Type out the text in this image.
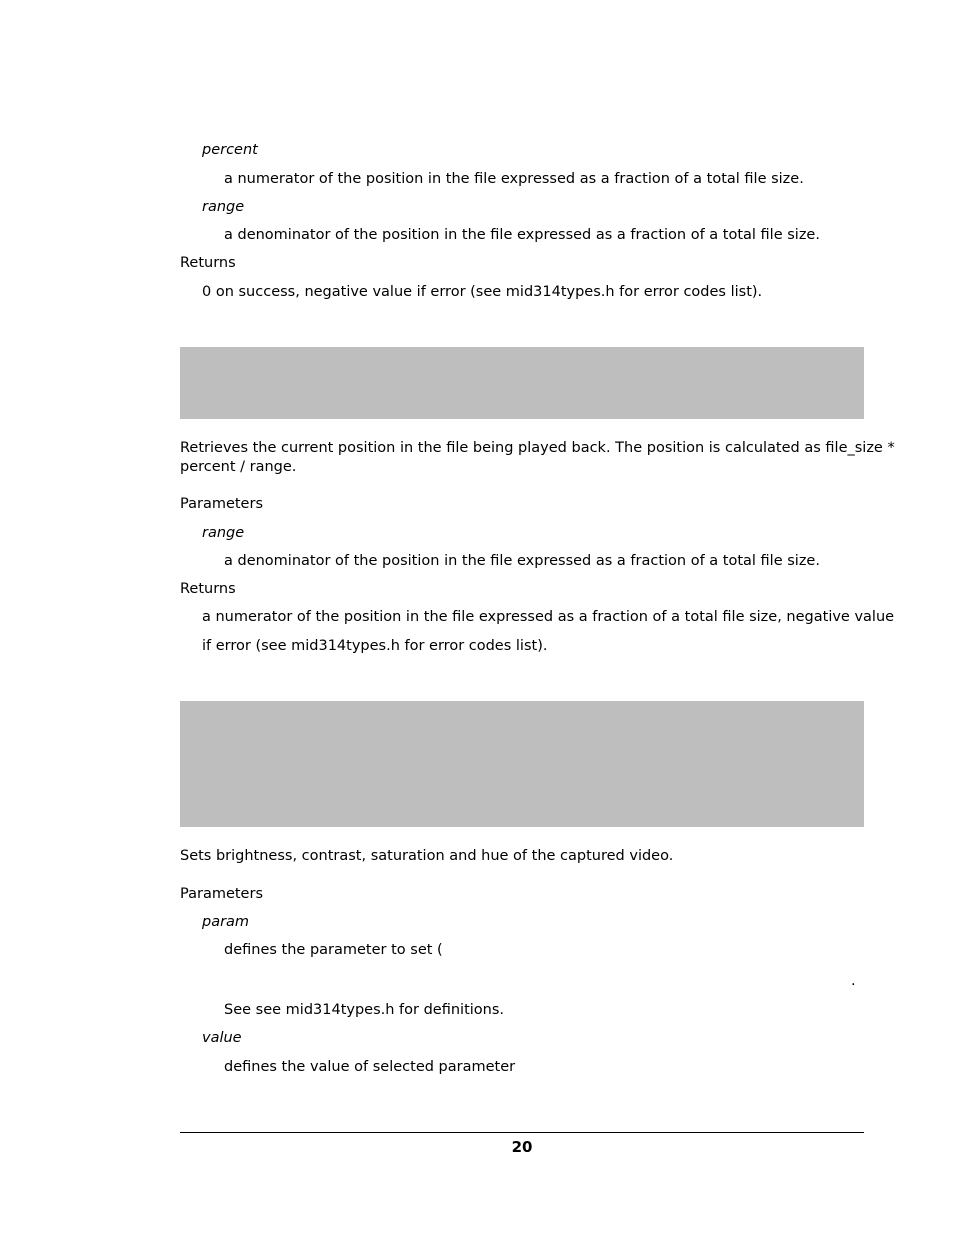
percent
a numerator of the position in the file expressed as a fraction of a total file size.
range
a denominator of the position in the file expressed as a fraction of a total file size.
Returns
0 on success, negative value if error (see mid314types.h for error codes list).
Retrieves the current position in the file being played back. The position is calculated as file_size *
percent / range.
Parameters
range
a denominator of the position in the file expressed as a fraction of a total file size.
Returns
a numerator of the position in the file expressed as a fraction of a total file size, negative value
if error (see mid314types.h for error codes list).
Sets brightness, contrast, saturation and hue of the captured video.
Parameters
param
defines the parameter to set (
.
See see mid314types.h for definitions.
value
defines the value of selected parameter
20
